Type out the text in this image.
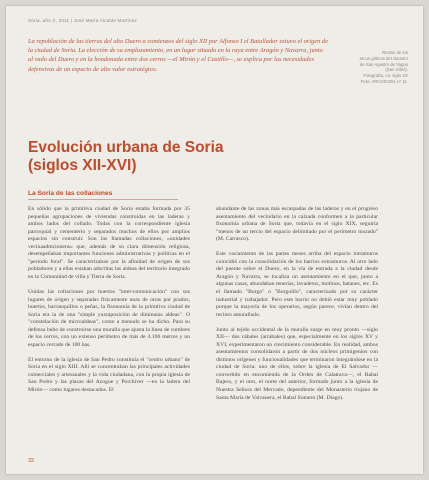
Soria, año X, 2011 | José María Alcalde Martínez

La repoblación de las tierras del alto Duero a comienzos del siglo XII por Alfonso I el Batallador estuvo el origen de la ciudad de Soria. La elección de su emplazamiento, en un lugar situado en la raya entre Aragón y Navarra, junto al vado del Duero y en la hondonada entre dos cerros —el Mirón y el Castillo—, se explica por las necesidades defensivas de un espacio de alto valor estratégico.

Restos de los
arcos góticos del claustro
de San Agustín de Vagos
(San Gilés).
Fotografía, ca. siglo XX
Foto: ARCHICOM, nº 11.
Evolución urbana de Soria
(siglos XII-XVI)
La Soria de las collaciones

En sólido que la primitiva ciudad de Soria estaba formada por 35 pequeñas agrupaciones de viviendas construidas en las laderas y ambos lados del collado. Todas con la correspondiente iglesia parroquial y cementerio y separados muchos de ellos por amplios espacios sin construir. Son las llamadas collaciones, «unidades vecinaadmcionens» que, además de su clara dimensión religiosa, desempeñaban importantes funciones administrativas y políticas en el "periodo foral". Se caracterizaban por la afinidad de origen de sus pobladores y a ellas estaban adscritas las aldeas del territorio integrado en la Comunidad de villa y Tierra de Soria.

Unidas las collaciones por huertos "inter-comunicación" con sus lugares de origen y separadas físicamente unas de otras por prados, huertos, barranquillos o peñas, la fisonomía de la primitiva ciudad de Soria era la de una "simple yuxtaposición de diminutas aldeas". O "constelación de microaldeas", como a menudo se ha dicho. Para su defensa hubo de construirse una muralla que ajusta la línea de cumbres de los cerros, con un extenso perímetro de más de 4.100 metros y un espacio cerrado de 100 has.

El entorno de la iglesia de San Pedro constituía el "centro urbano" de Soria en el siglo XIII. Allí se concentraban las principales actividades comerciales y artesanales y la vida ciudadana, con la propia iglesia de San Pedro y las plazas del Azogue y Porchiver —en la ladera del Mirón— como lugares destacados. El

abundante de las zonas más escarpadas de las laderas y en el progreso asentamiento del vecindario en la calzada conformen a la particular fisonomía urbana de Soria que, todavía en el siglo XIX, seguiría "menos de un tercio del espacio delimitado por el perímetro murado" (M. Carrasco).

Este vaciamiento de las partes meses arriba del espacio intramuros coincidió con la consolidación de los barrios extramuros. Al otro lado del puente sobre el Duero, en la vía de entrada a la ciudad desde Aragón y Navarra, se localiza un asentamiento en el que, junto a algunas casas, abundaban tenerías, lavaderos, molinos, batanes, etc. Es el llamado "Burgo" o "Burguillo", caracterizado por su carácter industrial y trabajador. Pero este barrio no debió estar muy poblado porque la mayoría de los operarios, según parece, vivían dentro del recinto amurallado.

Junto al tejido occidental de la muralla surge en muy pronto —siglo XII— dos cábales (arrabales) que, especialmente en los siglos XV y XVI, experimentaron un crecimiento considerable. En realidad, ambos asentamientos consolidaron a partir de dos núcleos primigenios con distintos orígenes y funcionalidades que terminaron integrándose en la ciudad de Soria: uno de ellos, sobre la iglesia de El Salvador —convertido en encomienda de la Orden de Calatrava—, el Rabal Bajero, y el otro, el norte del anterior, formado junto a la iglesia de Nuestra Señora del Mercado, dependiente del Monasterio riojano de Santa María de Valvanera, el Rabal Somero (M. Diago).

32
